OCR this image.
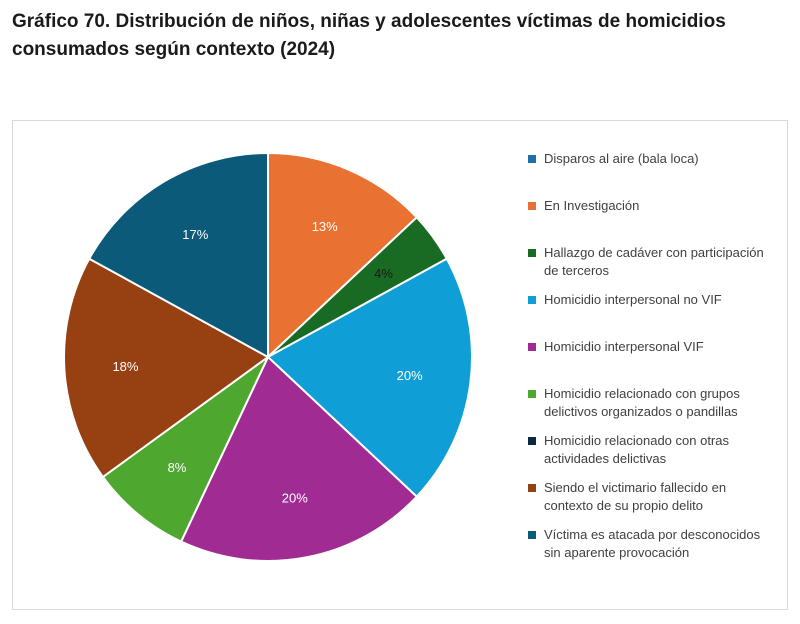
Gráfico 70. Distribución de niños, niñas y adolescentes víctimas de homicidios
consumados según contexto (2024)
13%
4%
20%
20%
8%
18%
17%
Disparos al aire (bala loca)
En Investigación
Hallazgo de cadáver con participación
de terceros
Homicidio interpersonal no VIF
Homicidio interpersonal VIF
Homicidio relacionado con grupos
delictivos organizados o pandillas
Homicidio relacionado con otras
actividades delictivas
Siendo el victimario fallecido en
contexto de su propio delito
Víctima es atacada por desconocidos
sin aparente provocación
